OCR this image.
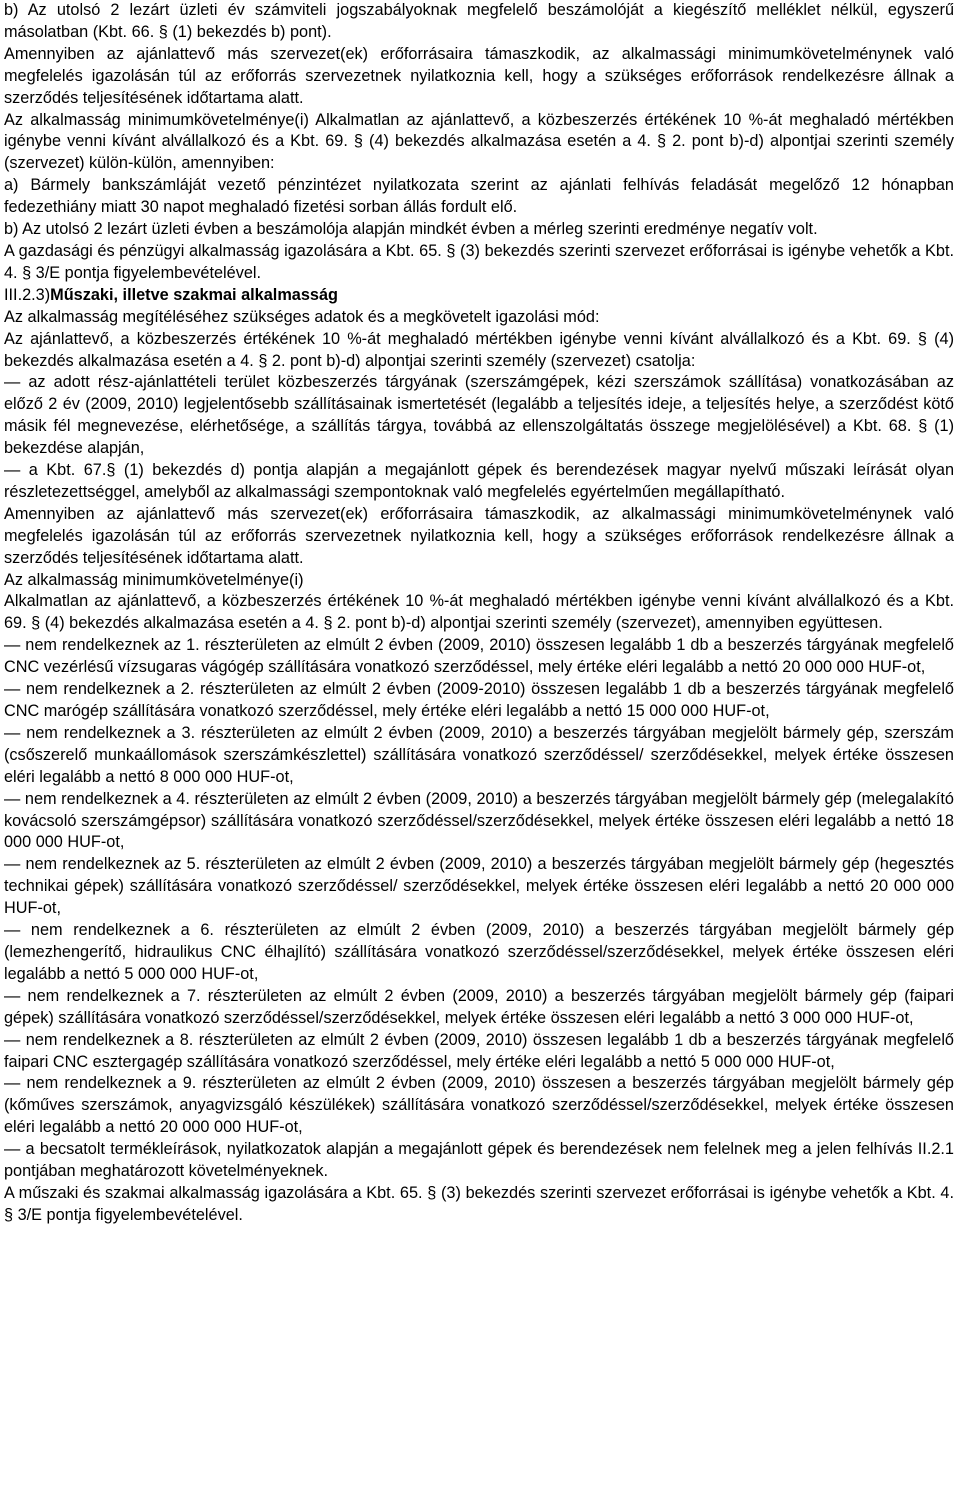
b) Az utolsó 2 lezárt üzleti év számviteli jogszabályoknak megfelelő beszámolóját a kiegészítő melléklet nélkül, egyszerű másolatban (Kbt. 66. § (1) bekezdés b) pont).

Amennyiben az ajánlattevő más szervezet(ek) erőforrásaira támaszkodik, az alkalmassági minimumkövetelménynek való megfelelés igazolásán túl az erőforrás szervezetnek nyilatkoznia kell, hogy a szükséges erőforrások rendelkezésre állnak a szerződés teljesítésének időtartama alatt.

Az alkalmasság minimumkövetelménye(i) Alkalmatlan az ajánlattevő, a közbeszerzés értékének 10 %-át meghaladó mértékben igénybe venni kívánt alvállalkozó és a Kbt. 69. § (4) bekezdés alkalmazása esetén a 4. § 2. pont b)-d) alpontjai szerinti személy (szervezet) külön-külön, amennyiben:

a) Bármely bankszámláját vezető pénzintézet nyilatkozata szerint az ajánlati felhívás feladását megelőző 12 hónapban fedezethiány miatt 30 napot meghaladó fizetési sorban állás fordult elő.

b) Az utolsó 2 lezárt üzleti évben a beszámolója alapján mindkét évben a mérleg szerinti eredménye negatív volt.

A gazdasági és pénzügyi alkalmasság igazolására a Kbt. 65. § (3) bekezdés szerinti szervezet erőforrásai is igénybe vehetők a Kbt. 4. § 3/E pontja figyelembevételével.

III.2.3)Műszaki, illetve szakmai alkalmasság

Az alkalmasság megítéléséhez szükséges adatok és a megkövetelt igazolási mód:

Az ajánlattevő, a közbeszerzés értékének 10 %-át meghaladó mértékben igénybe venni kívánt alvállalkozó és a Kbt. 69. § (4) bekezdés alkalmazása esetén a 4. § 2. pont b)-d) alpontjai szerinti személy (szervezet) csatolja:

— az adott rész-ajánlattételi terület közbeszerzés tárgyának (szerszámgépek, kézi szerszámok szállítása) vonatkozásában az előző 2 év (2009, 2010) legjelentősebb szállításainak ismertetését (legalább a teljesítés ideje, a teljesítés helye, a szerződést kötő másik fél megnevezése, elérhetősége, a szállítás tárgya, továbbá az ellenszolgáltatás összege megjelölésével) a Kbt. 68. § (1) bekezdése alapján,

— a Kbt. 67.§ (1) bekezdés d) pontja alapján a megajánlott gépek és berendezések magyar nyelvű műszaki leírását olyan részletezettséggel, amelyből az alkalmassági szempontoknak való megfelelés egyértelműen megállapítható.

Amennyiben az ajánlattevő más szervezet(ek) erőforrásaira támaszkodik, az alkalmassági minimumkövetelménynek való megfelelés igazolásán túl az erőforrás szervezetnek nyilatkoznia kell, hogy a szükséges erőforrások rendelkezésre állnak a szerződés teljesítésének időtartama alatt.

Az alkalmasság minimumkövetelménye(i)

Alkalmatlan az ajánlattevő, a közbeszerzés értékének 10 %-át meghaladó mértékben igénybe venni kívánt alvállalkozó és a Kbt. 69. § (4) bekezdés alkalmazása esetén a 4. § 2. pont b)-d) alpontjai szerinti személy (szervezet), amennyiben együttesen.

— nem rendelkeznek az 1. részterületen az elmúlt 2 évben (2009, 2010) összesen legalább 1 db a beszerzés tárgyának megfelelő CNC vezérlésű vízsugaras vágógép szállítására vonatkozó szerződéssel, mely értéke eléri legalább a nettó 20 000 000 HUF-ot,

— nem rendelkeznek a 2. részterületen az elmúlt 2 évben (2009-2010) összesen legalább 1 db a beszerzés tárgyának megfelelő CNC marógép szállítására vonatkozó szerződéssel, mely értéke eléri legalább a nettó 15 000 000 HUF-ot,

— nem rendelkeznek a 3. részterületen az elmúlt 2 évben (2009, 2010) a beszerzés tárgyában megjelölt bármely gép, szerszám (csőszerelő munkaállomások szerszámkészlettel) szállítására vonatkozó szerződéssel/ szerződésekkel, melyek értéke összesen eléri legalább a nettó 8 000 000 HUF-ot,

— nem rendelkeznek a 4. részterületen az elmúlt 2 évben (2009, 2010) a beszerzés tárgyában megjelölt bármely gép (melegalakító kovácsoló szerszámgépsor) szállítására vonatkozó szerződéssel/szerződésekkel, melyek értéke összesen eléri legalább a nettó 18 000 000 HUF-ot,

— nem rendelkeznek az 5. részterületen az elmúlt 2 évben (2009, 2010) a beszerzés tárgyában megjelölt bármely gép (hegesztés technikai gépek) szállítására vonatkozó szerződéssel/ szerződésekkel, melyek értéke összesen eléri legalább a nettó 20 000 000 HUF-ot,

— nem rendelkeznek a 6. részterületen az elmúlt 2 évben (2009, 2010) a beszerzés tárgyában megjelölt bármely gép (lemezhengerítő, hidraulikus CNC élhajlító) szállítására vonatkozó szerződéssel/szerződésekkel, melyek értéke összesen eléri legalább a nettó 5 000 000 HUF-ot,

— nem rendelkeznek a 7. részterületen az elmúlt 2 évben (2009, 2010) a beszerzés tárgyában megjelölt bármely gép (faipari gépek) szállítására vonatkozó szerződéssel/szerződésekkel, melyek értéke összesen eléri legalább a nettó 3 000 000 HUF-ot,

— nem rendelkeznek a 8. részterületen az elmúlt 2 évben (2009, 2010) összesen legalább 1 db a beszerzés tárgyának megfelelő faipari CNC esztergagép szállítására vonatkozó szerződéssel, mely értéke eléri legalább a nettó 5 000 000 HUF-ot,

— nem rendelkeznek a 9. részterületen az elmúlt 2 évben (2009, 2010) összesen a beszerzés tárgyában megjelölt bármely gép (kőműves szerszámok, anyagvizsgáló készülékek) szállítására vonatkozó szerződéssel/szerződésekkel, melyek értéke összesen eléri legalább a nettó 20 000 000 HUF-ot,

— a becsatolt termékleírások, nyilatkozatok alapján a megajánlott gépek és berendezések nem felelnek meg a jelen felhívás II.2.1 pontjában meghatározott követelményeknek.

A műszaki és szakmai alkalmasság igazolására a Kbt. 65. § (3) bekezdés szerinti szervezet erőforrásai is igénybe vehetők a Kbt. 4. § 3/E pontja figyelembevételével.
